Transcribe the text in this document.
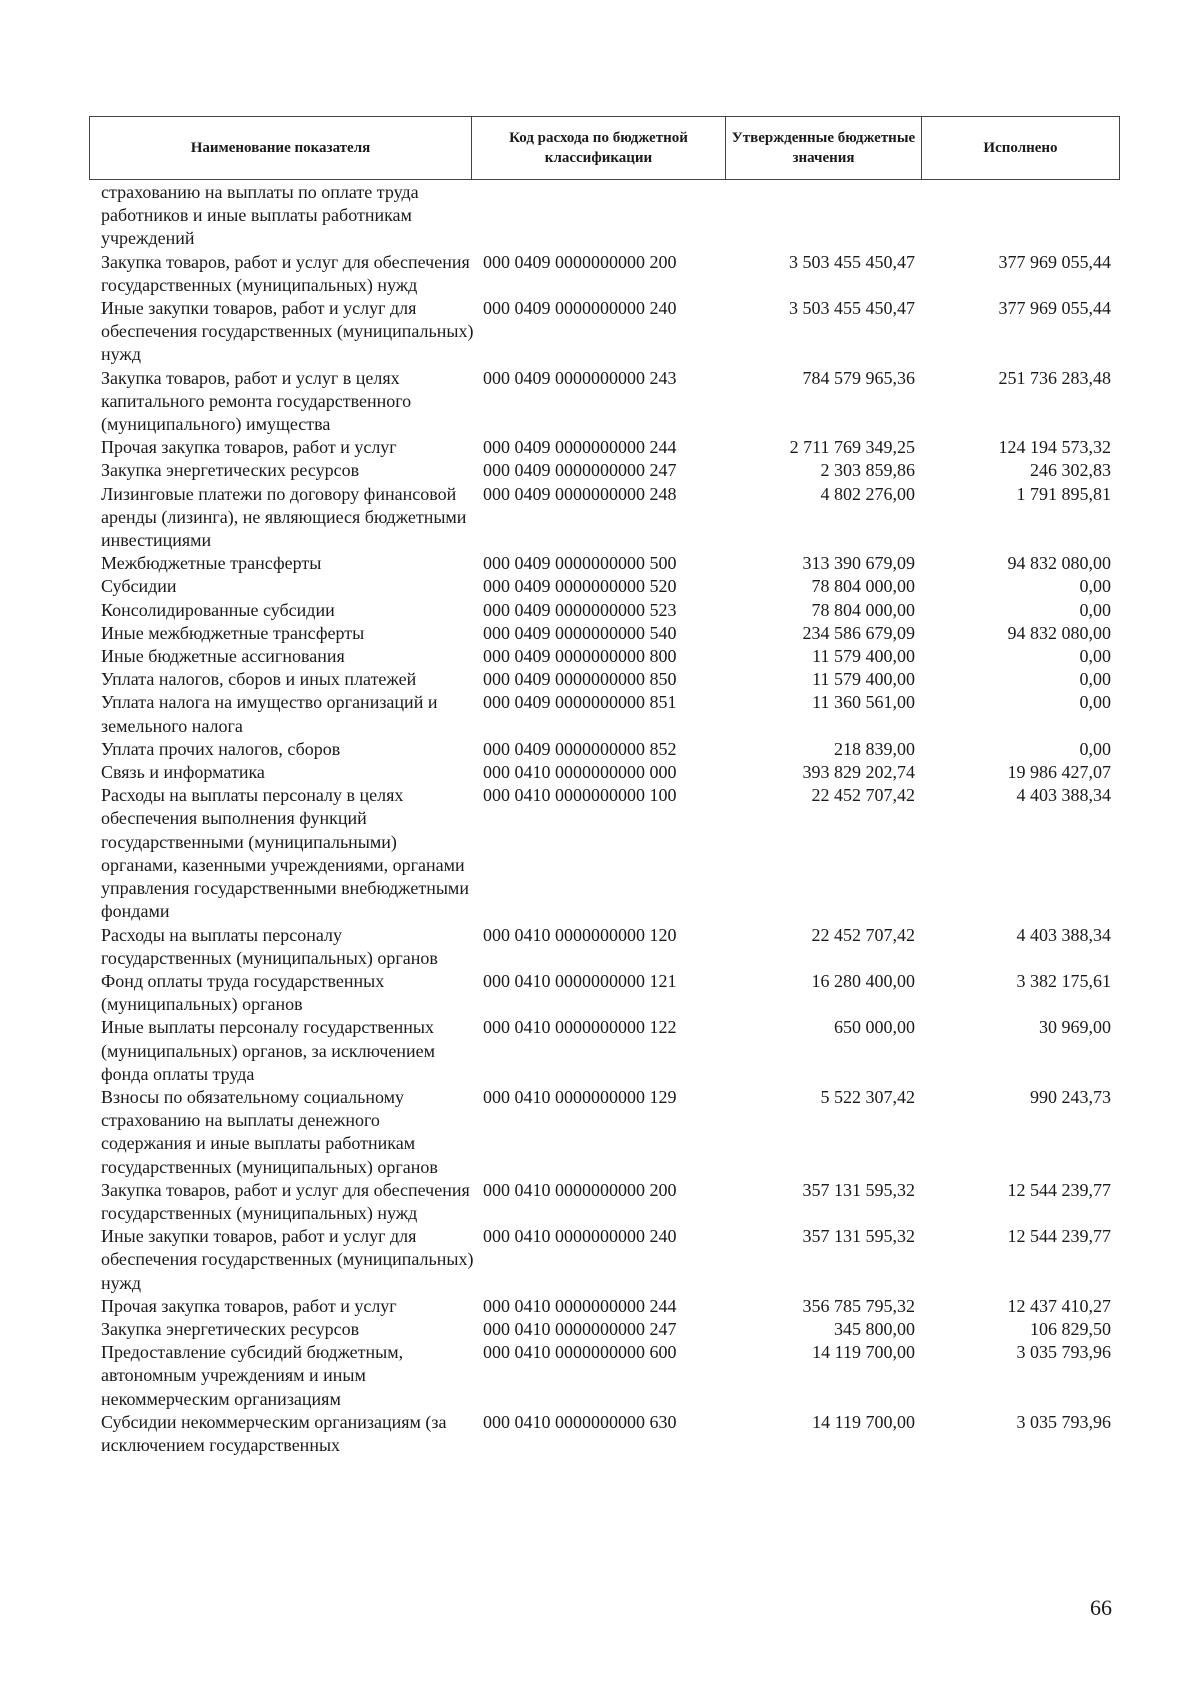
Наименование показателя	Код расхода по бюджетной классификации	Утвержденные бюджетные значения	Исполнено
страхованию на выплаты по оплате труда работников и иные выплаты работникам учреждений			
Закупка товаров, работ и услуг для обеспечения государственных (муниципальных) нужд	000 0409 0000000000 200	3 503 455 450,47	377 969 055,44
Иные закупки товаров, работ и услуг для обеспечения государственных (муниципальных) нужд	000 0409 0000000000 240	3 503 455 450,47	377 969 055,44
Закупка товаров, работ и услуг в целях капитального ремонта государственного (муниципального) имущества	000 0409 0000000000 243	784 579 965,36	251 736 283,48
Прочая закупка товаров, работ и услуг	000 0409 0000000000 244	2 711 769 349,25	124 194 573,32
Закупка энергетических ресурсов	000 0409 0000000000 247	2 303 859,86	246 302,83
Лизинговые платежи по договору финансовой аренды (лизинга), не являющиеся бюджетными инвестициями	000 0409 0000000000 248	4 802 276,00	1 791 895,81
Межбюджетные трансферты	000 0409 0000000000 500	313 390 679,09	94 832 080,00
Субсидии	000 0409 0000000000 520	78 804 000,00	0,00
Консолидированные субсидии	000 0409 0000000000 523	78 804 000,00	0,00
Иные межбюджетные трансферты	000 0409 0000000000 540	234 586 679,09	94 832 080,00
Иные бюджетные ассигнования	000 0409 0000000000 800	11 579 400,00	0,00
Уплата налогов, сборов и иных платежей	000 0409 0000000000 850	11 579 400,00	0,00
Уплата налога на имущество организаций и земельного налога	000 0409 0000000000 851	11 360 561,00	0,00
Уплата прочих налогов, сборов	000 0409 0000000000 852	218 839,00	0,00
Связь и информатика	000 0410 0000000000 000	393 829 202,74	19 986 427,07
Расходы на выплаты персоналу в целях обеспечения выполнения функций государственными (муниципальными) органами, казенными учреждениями, органами управления государственными внебюджетными фондами	000 0410 0000000000 100	22 452 707,42	4 403 388,34
Расходы на выплаты персоналу государственных (муниципальных) органов	000 0410 0000000000 120	22 452 707,42	4 403 388,34
Фонд оплаты труда государственных (муниципальных) органов	000 0410 0000000000 121	16 280 400,00	3 382 175,61
Иные выплаты персоналу государственных (муниципальных) органов, за исключением фонда оплаты труда	000 0410 0000000000 122	650 000,00	30 969,00
Взносы по обязательному социальному страхованию на выплаты денежного содержания и иные выплаты работникам государственных (муниципальных) органов	000 0410 0000000000 129	5 522 307,42	990 243,73
Закупка товаров, работ и услуг для обеспечения государственных (муниципальных) нужд	000 0410 0000000000 200	357 131 595,32	12 544 239,77
Иные закупки товаров, работ и услуг для обеспечения государственных (муниципальных) нужд	000 0410 0000000000 240	357 131 595,32	12 544 239,77
Прочая закупка товаров, работ и услуг	000 0410 0000000000 244	356 785 795,32	12 437 410,27
Закупка энергетических ресурсов	000 0410 0000000000 247	345 800,00	106 829,50
Предоставление субсидий бюджетным, автономным учреждениям и иным некоммерческим организациям	000 0410 0000000000 600	14 119 700,00	3 035 793,96
Субсидии некоммерческим организациям (за исключением государственных	000 0410 0000000000 630	14 119 700,00	3 035 793,96
66
